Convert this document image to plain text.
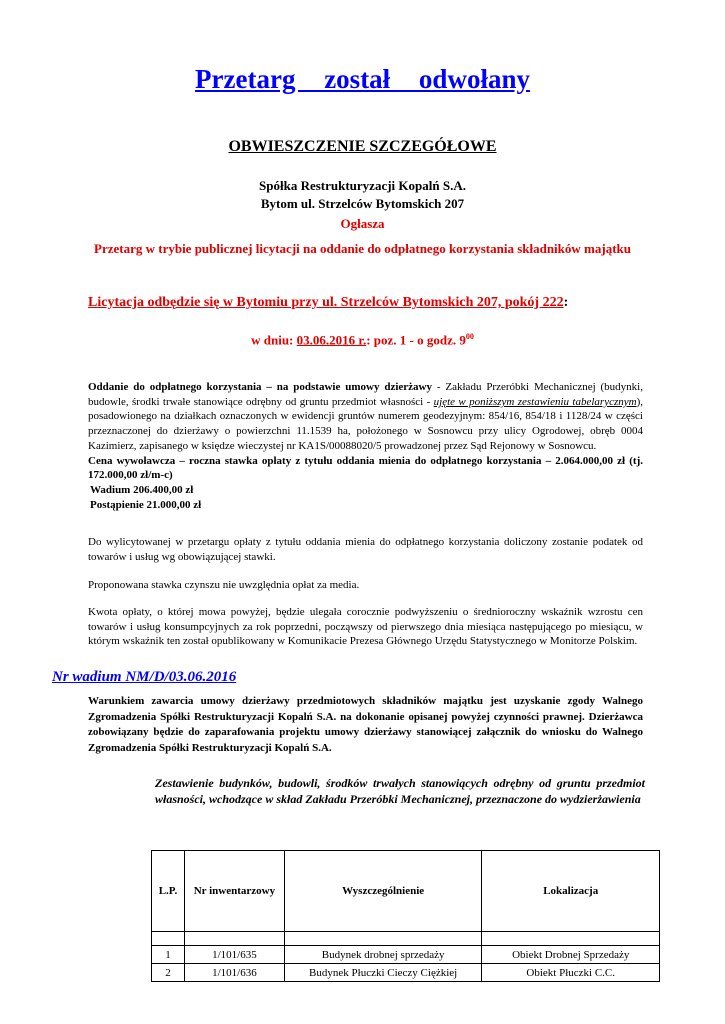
Przetarg został odwołany
OBWIESZCZENIE SZCZEGÓŁOWE
Spółka Restrukturyzacji Kopalń S.A.
Bytom ul. Strzelców Bytomskich 207
Ogłasza
Przetarg w trybie publicznej licytacji na oddanie do odpłatnego korzystania składników majątku
Licytacja odbędzie się w Bytomiu przy ul. Strzelców Bytomskich 207, pokój 222:
w dniu: 03.06.2016 r.: poz. 1 - o godz. $9^{00}$
Oddanie do odpłatnego korzystania – na podstawie umowy dzierżawy - Zakładu Przeróbki Mechanicznej (budynki, budowle, środki trwałe stanowiące odrębny od gruntu przedmiot własności - ujęte w poniższym zestawieniu tabelarycznym), posadowionego na działkach oznaczonych w ewidencji gruntów numerem geodezyjnym: 854/16, 854/18 i 1128/24 w części przeznaczonej do dzierżawy o powierzchni 11.1539 ha, położonego w Sosnowcu przy ulicy Ogrodowej, obręb 0004 Kazimierz, zapisanego w księdze wieczystej nr KA1S/00088020/5 prowadzonej przez Sąd Rejonowy w Sosnowcu.
Cena wywoławcza – roczna stawka opłaty z tytułu oddania mienia do odpłatnego korzystania – 2.064.000,00 zł (tj. 172.000,00 zł/m-c)
Wadium 206.400,00 zł
Postąpienie 21.000,00 zł
Do wylicytowanej w przetargu opłaty z tytułu oddania mienia do odpłatnego korzystania doliczony zostanie podatek od towarów i usług wg obowiązującej stawki.
Proponowana stawka czynszu nie uwzględnia opłat za media.
Kwota opłaty, o której mowa powyżej, będzie ulegała corocznie podwyższeniu o średnioroczny wskaźnik wzrostu cen towarów i usług konsumpcyjnych za rok poprzedni, począwszy od pierwszego dnia miesiąca następującego po miesiącu, w którym wskaźnik ten został opublikowany w Komunikacie Prezesa Głównego Urzędu Statystycznego w Monitorze Polskim.
Nr wadium NM/D/03.06.2016
Warunkiem zawarcia umowy dzierżawy przedmiotowych składników majątku jest uzyskanie zgody Walnego Zgromadzenia Spółki Restrukturyzacji Kopalń S.A. na dokonanie opisanej powyżej czynności prawnej. Dzierżawca zobowiązany będzie do zaparafowania projektu umowy dzierżawy stanowiącej załącznik do wniosku do Walnego Zgromadzenia Spółki Restrukturyzacji Kopalń S.A.
Zestawienie budynków, budowli, środków trwałych stanowiących odrębny od gruntu przedmiot własności, wchodzące w skład Zakładu Przeróbki Mechanicznej, przeznaczone do wydzierżawienia
L.P.	Nr inwentarzowy	Wyszczególnienie	Lokalizacja

1	1/101/635	Budynek drobnej sprzedaży	Obiekt Drobnej Sprzedaży
2	1/101/636	Budynek Płuczki Cieczy Ciężkiej	Obiekt Płuczki C.C.
